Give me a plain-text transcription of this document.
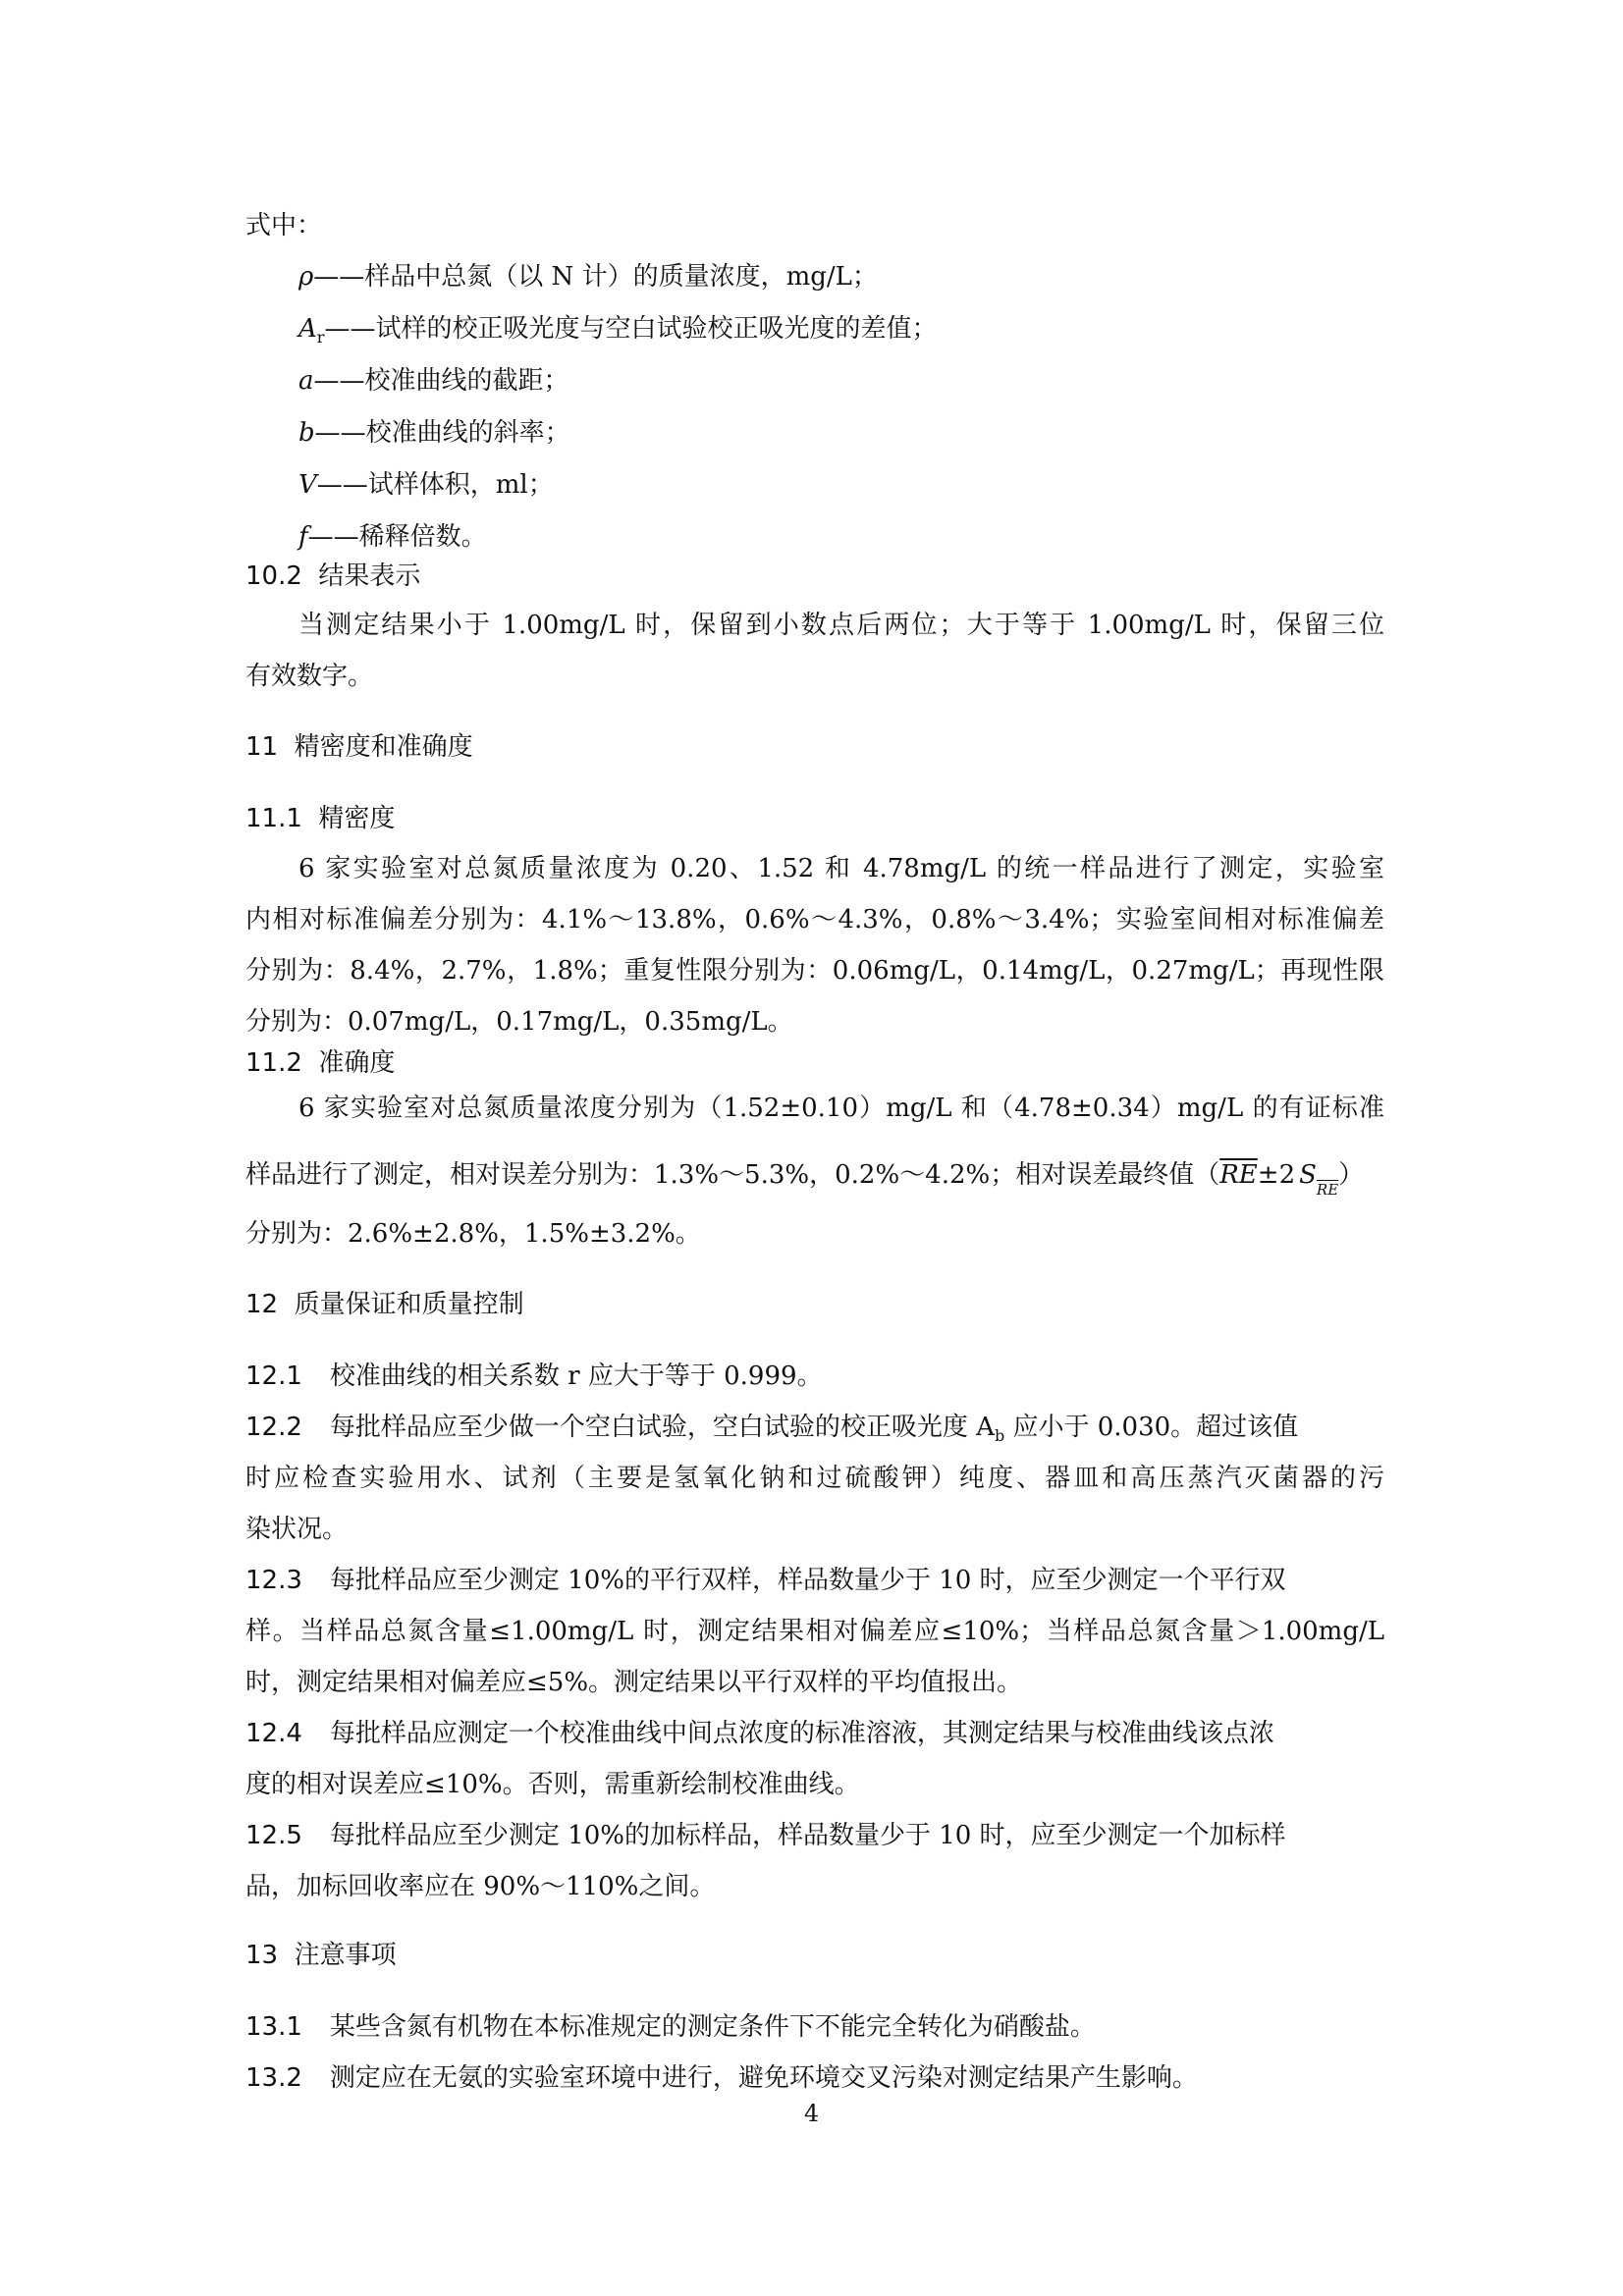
式中：
ρ——样品中总氮（以 N 计）的质量浓度，mg/L；
$A_r——$试样的校正吸光度与空白试验校正吸光度的差值；
a——校准曲线的截距；
b——校准曲线的斜率；
V——试样体积，ml；
f——稀释倍数。
10.2  结果表示
当测定结果小于 1.00mg/L 时，保留到小数点后两位；大于等于 1.00mg/L 时，保留三位
有效数字。
11  精密度和准确度
11.1  精密度
6 家实验室对总氮质量浓度为 0.20、1.52 和 4.78mg/L 的统一样品进行了测定，实验室
内相对标准偏差分别为：4.1%～13.8%，0.6%～4.3%，0.8%～3.4%；实验室间相对标准偏差
分别为：8.4%，2.7%，1.8%；重复性限分别为：0.06mg/L，0.14mg/L，0.27mg/L；再现性限
分别为：0.07mg/L，0.17mg/L，0.35mg/L。
11.2  准确度
6 家实验室对总氮质量浓度分别为（1.52±0.10）mg/L 和（4.78±0.34）mg/L 的有证标准
样品进行了测定，相对误差分别为：1.3%～5.3%，0.2%～4.2%；相对误差最终值（$\overline{RE}\pm 2$ $S_{\overline{RE}}$）
分别为：2.6%±2.8%，1.5%±3.2%。
12  质量保证和质量控制
12.1 校准曲线的相关系数 r 应大于等于 0.999。
12.2 每批样品应至少做一个空白试验，空白试验的校正吸光度 $A_b$ 应小于 0.030。超过该值
时应检查实验用水、试剂（主要是氢氧化钠和过硫酸钾）纯度、器皿和高压蒸汽灭菌器的污
染状况。
12.3 每批样品应至少测定 10%的平行双样，样品数量少于 10 时，应至少测定一个平行双
样。当样品总氮含量≤1.00mg/L 时，测定结果相对偏差应≤10%；当样品总氮含量＞1.00mg/L
时，测定结果相对偏差应≤5%。测定结果以平行双样的平均值报出。
12.4 每批样品应测定一个校准曲线中间点浓度的标准溶液，其测定结果与校准曲线该点浓
度的相对误差应≤10%。否则，需重新绘制校准曲线。
12.5 每批样品应至少测定 10%的加标样品，样品数量少于 10 时，应至少测定一个加标样
品，加标回收率应在 90%～110%之间。
13  注意事项
13.1 某些含氮有机物在本标准规定的测定条件下不能完全转化为硝酸盐。
13.2 测定应在无氨的实验室环境中进行，避免环境交叉污染对测定结果产生影响。
4
